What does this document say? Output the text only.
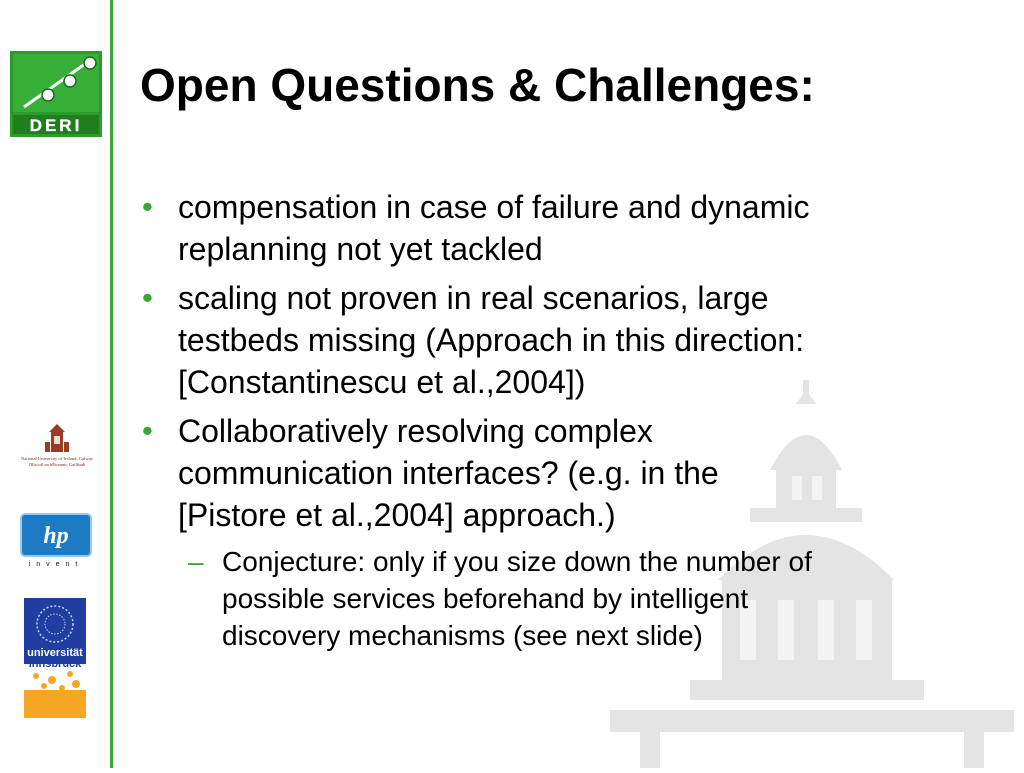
DERI
National University of Ireland, Galway
Ollscoil na hÉireann, Gaillimh
hp
invent
universität
innsbruck
Open Questions & Challenges:
• compensation in case of failure and dynamic
replanning not yet tackled
• scaling not proven in real scenarios, large
testbeds missing (Approach in this direction:
[Constantinescu et al.,2004])
• Collaboratively resolving complex
communication interfaces? (e.g. in the
[Pistore et al.,2004] approach.)
– Conjecture: only if you size down the number of
possible services beforehand by intelligent
discovery mechanisms (see next slide)
